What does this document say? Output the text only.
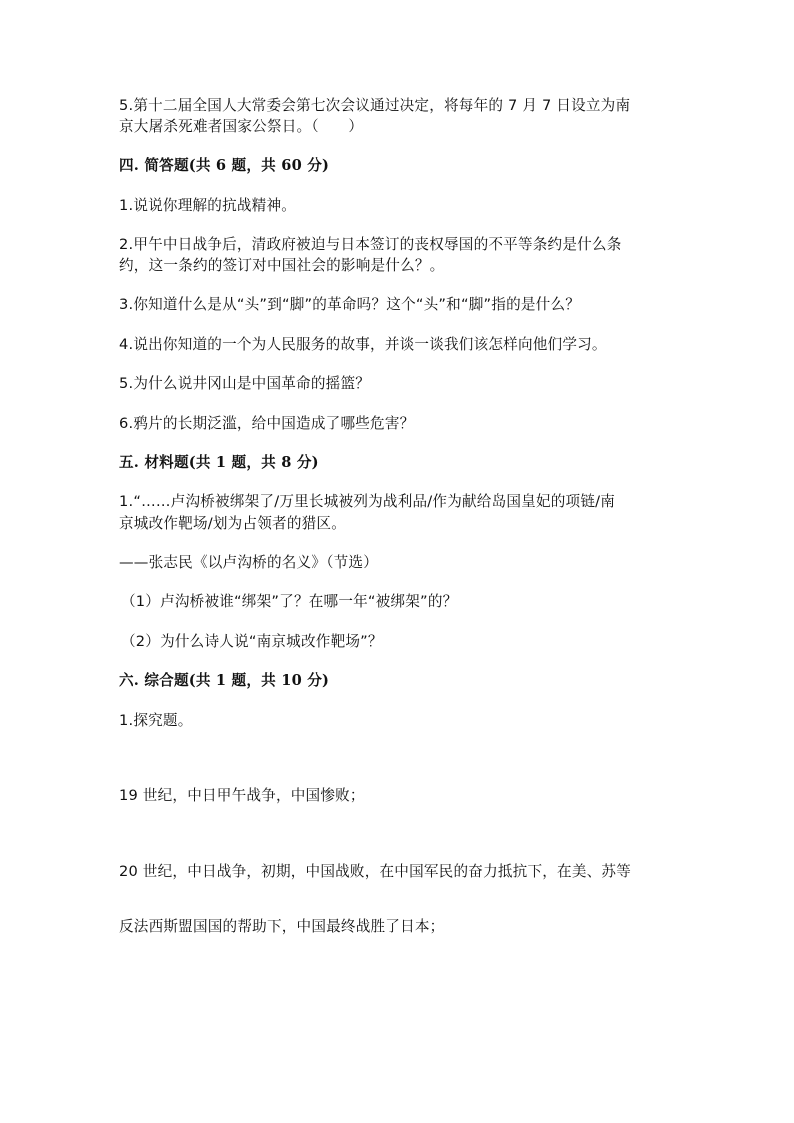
5.第十二届全国人大常委会第七次会议通过决定，将每年的 7 月 7 日设立为南
京大屠杀死难者国家公祭日。（　　）
四. 简答题(共 6 题，共 60 分)
1.说说你理解的抗战精神。
2.甲午中日战争后，清政府被迫与日本签订的丧权辱国的不平等条约是什么条
约，这一条约的签订对中国社会的影响是什么？。
3.你知道什么是从“头”到“脚”的革命吗？这个“头”和“脚”指的是什么？
4.说出你知道的一个为人民服务的故事，并谈一谈我们该怎样向他们学习。
5.为什么说井冈山是中国革命的摇篮？
6.鸦片的长期泛滥，给中国造成了哪些危害？
五. 材料题(共 1 题，共 8 分)
1.“……卢沟桥被绑架了/万里长城被列为战利品/作为献给岛国皇妃的项链/南
京城改作靶场/划为占领者的猎区。
——张志民《以卢沟桥的名义》（节选）
（1）卢沟桥被谁“绑架”了？在哪一年“被绑架”的？
（2）为什么诗人说“南京城改作靶场”？
六. 综合题(共 1 题，共 10 分)
1.探究题。
19 世纪，中日甲午战争，中国惨败；
20 世纪，中日战争，初期，中国战败，在中国军民的奋力抵抗下，在美、苏等
反法西斯盟国国的帮助下，中国最终战胜了日本；
